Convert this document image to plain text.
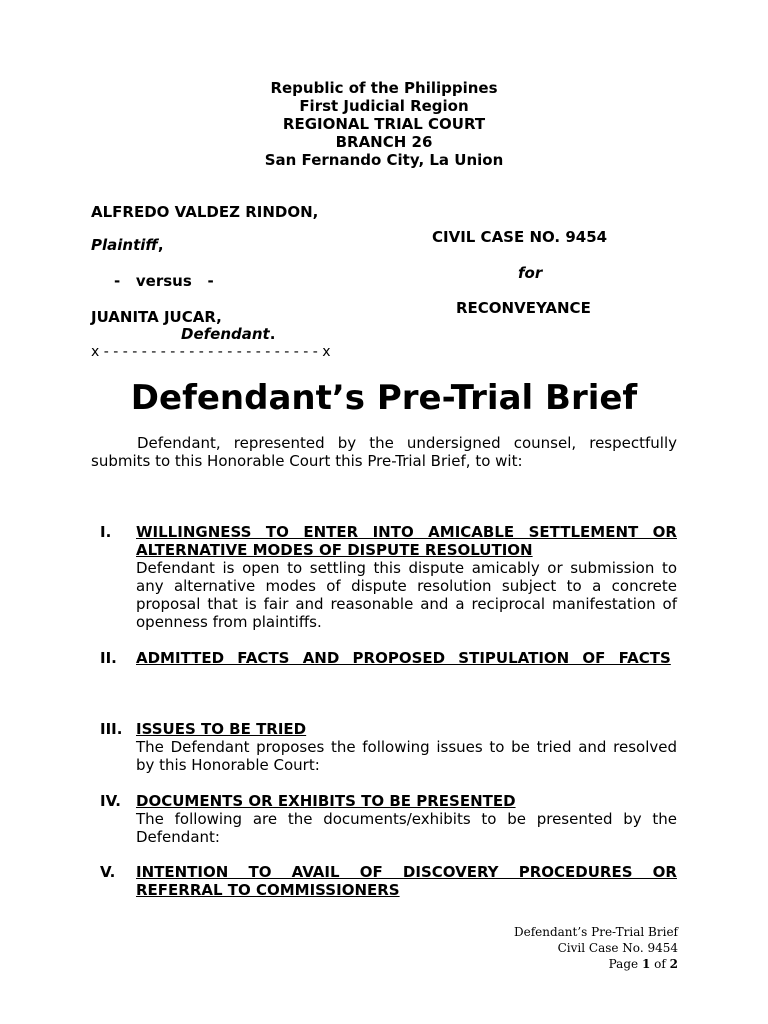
Republic of the Philippines
First Judicial Region
REGIONAL TRIAL COURT
BRANCH 26
San Fernando City, La Union
ALFREDO VALDEZ RINDON,
Plaintiff,
-   versus   -
JUANITA JUCAR,
Defendant.
x - - - - - - - - - - - - - - - - - - - - - - - x
CIVIL CASE NO. 9454
for
RECONVEYANCE
Defendant’s Pre-Trial Brief

Defendant, represented by the undersigned counsel, respectfully submits to this Honorable Court this Pre-Trial Brief, to wit:

I. WILLINGNESS TO ENTER INTO AMICABLE SETTLEMENT OR ALTERNATIVE MODES OF DISPUTE RESOLUTION
Defendant is open to settling this dispute amicably or submission to any alternative modes of dispute resolution subject to a concrete proposal that is fair and reasonable and a reciprocal manifestation of openness from plaintiffs.
II. ADMITTED FACTS AND PROPOSED STIPULATION OF FACTS
III. ISSUES TO BE TRIED
The Defendant proposes the following issues to be tried and resolved by this Honorable Court:
IV. DOCUMENTS OR EXHIBITS TO BE PRESENTED
The following are the documents/exhibits to be presented by the Defendant:
V. INTENTION TO AVAIL OF DISCOVERY PROCEDURES OR REFERRAL TO COMMISSIONERS
Defendant’s Pre-Trial Brief
Civil Case No. 9454
Page 1 of 2
